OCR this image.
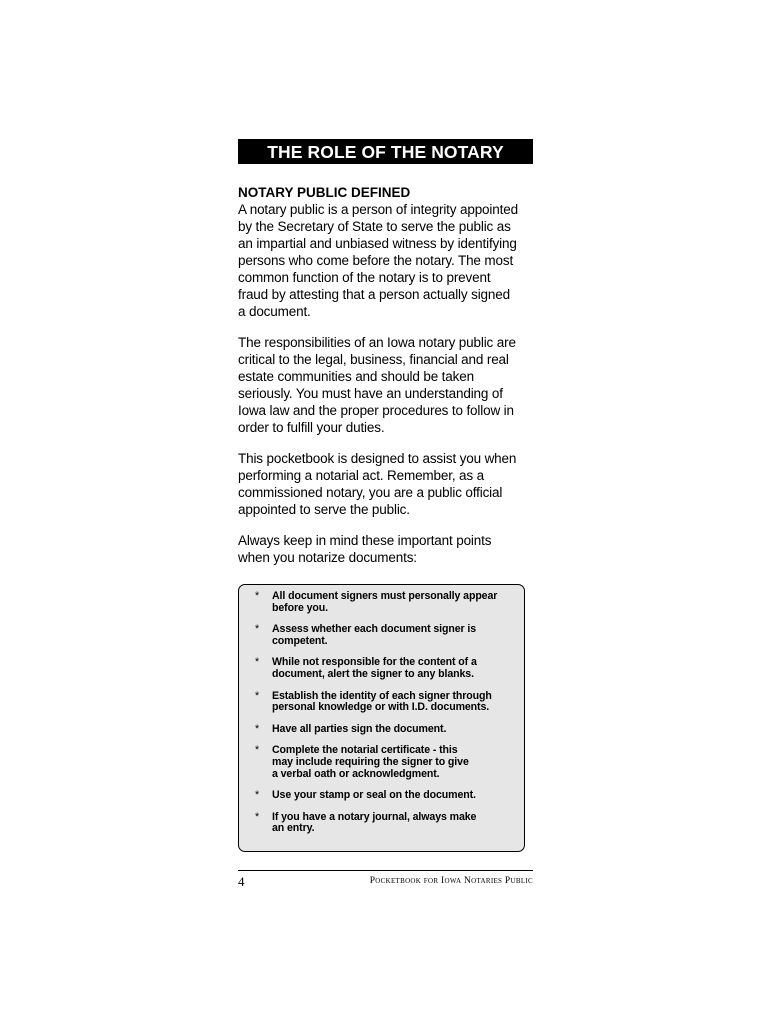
THE ROLE OF THE NOTARY
NOTARY PUBLIC DEFINED
A notary public is a person of integrity appointed
by the Secretary of State to serve the public as
an impartial and unbiased witness by identifying
persons who come before the notary. The most
common function of the notary is to prevent
fraud by attesting that a person actually signed
a document.
The responsibilities of an Iowa notary public are
critical to the legal, business, financial and real
estate communities and should be taken
seriously. You must have an understanding of
Iowa law and the proper procedures to follow in
order to fulfill your duties.
This pocketbook is designed to assist you when
performing a notarial act. Remember, as a
commissioned notary, you are a public official
appointed to serve the public.
Always keep in mind these important points
when you notarize documents:
* All document signers must personally appear
before you.
* Assess whether each document signer is
competent.
* While not responsible for the content of a
document, alert the signer to any blanks.
* Establish the identity of each signer through
personal knowledge or with I.D. documents.
* Have all parties sign the document.
* Complete the notarial certificate - this
may include requiring the signer to give
a verbal oath or acknowledgment.
* Use your stamp or seal on the document.
* If you have a notary journal, always make
an entry.
4	Pocketbook for Iowa Notaries Public
